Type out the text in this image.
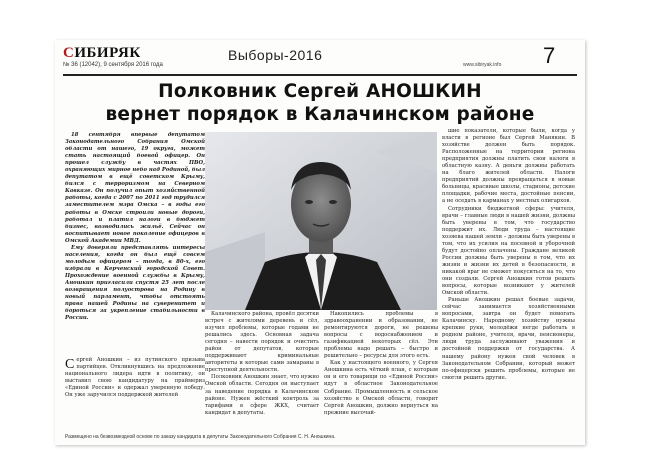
СИБИРЯК
№ 36 (12042), 9 сентября 2016 года
Выборы-2016
www.sibiryak.info 7
Полковник Сергей АНОШКИН
вернет порядок в Калачинском районе

18 сентября впервые депутатом Законодательного Собрания Омской области от нашего, 19 округа, может стать настоящий боевой офицер. Он прошел службу в частях ПВО, охраняющих мирное небо над Родиной, был депутатом в ещё советском Крыму, бился с терроризмом на Северном Кавказе. Он получил опыт хозяйственной работы, когда с 2007 по 2011 год трудился заместителем мэра Омска – в годы его работы в Омске строили новые дороги, работал и платил налоги в бюджет бизнес, возводились жильё. Сейчас он воспитывает новое поколение офицеров в Омской Академии МВД.

Ему доверяли представлять интересы населения, когда он был ещё совсем молодым офицером – тогда, в 80-х, его избрали в Керченский городской Совет. Прохождение военной службы в Крыму, Аношкин пригласили спустя 25 лет после возвращения полуострова на Родину в новый парламент, чтобы отстоять права нашей Родины на суверенитет и бороться за укрепление стабильности в России.

шие показатели, которые были, когда у власти в регионе был Сергей Манякин. В хозяйстве должен быть порядок. Расположенные на территории региона предприятия должны платить свои налоги в областную казну. А деньги должны работать на благо жителей области. Налоги предприятий должны превращаться в новые больницы, красивые школы, стадионы, детские площадки, рабочие места, достойные пенсии, а не оседать в карманах у местных олигархов.

Сотрудники бюджетной сферы: учителя, врачи – главные люди в нашей жизни, должны быть уверены в том, что государство поддержит их. Люди труда – настоящие хозяева нашей земли – должны быть уверены в том, что их усилия на посевной и уборочной будут достойно оплачены. Граждане великой России должны быть уверены в том, что их жизни и жизни их детей в безопасности, и никакой враг не сможет покуситься на то, что они создали. Сергей Аношкин готов решать вопросы, которые возникают у жителей Омской области.

Раньше Аношкин решал боевые задачи, сейчас занимается хозяйственными вопросами, завтра он будет помогать Калачинску. Народному хозяйству нужны крепкие руки, молодёжи негде работать в родном районе, учителя, врачи, пенсионеры, люди труда заслуживают уважения и достойной поддержки от государства. А нашему району нужен свой человек в Законодательном Собрании, который может по-офицерски решить проблемы, которые не смогли решить другие.

Сергей Аношкин – из путинского призыва партийцев. Откликнувшись на предложение национального лидера идти в политику, он выставил свою кандидатуру на праймериз «Единой России» и одержал уверенную победу. Он уже заручился поддержкой жителей

Калачинского района, провёл десятки встреч с жителями деревень и сёл, изучил проблемы, которые годами не решались здесь. Основная задача сегодня – навести порядок и очистить район от депутатов, которые поддерживают криминальные авторитеты и которые сами замараны в преступной деятельности.

Полковник Аношкин знает, что нужно Омской области. Сегодня он выступает за наведение порядка в Калачинском районе. Нужен жёсткий контроль за тарифами в сфере ЖКХ, считает кандидат в депутаты.

Накопились проблемы в здравоохранении и образовании, не ремонтируются дороги, не решены вопросы с водоснабжением и газификацией некоторых сёл. Эти проблемы надо решать – быстро и решительно – ресурсы для этого есть.

Как у настоящего военного, у Сергея Аношкина есть чёткий план, с которым он и его товарищи по «Единой России» идут в областное Законодательное Собрание. Промышленность и сельское хозяйство в Омской области, говорит Сергей Аношкин, должно вернуться на прежние высочай-

Размещено на безвозмездной основе по заказу кандидата в депутаты Законодательного Собрания С. Н. Аношкина.
